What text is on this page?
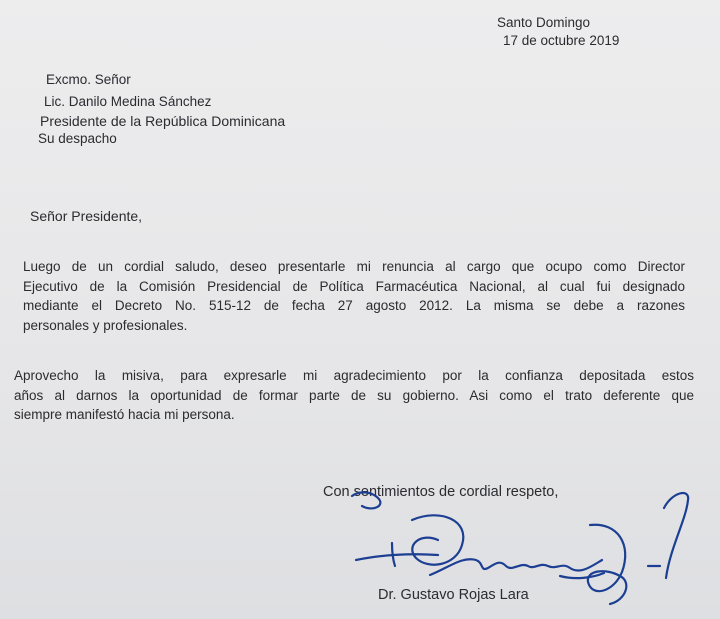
Santo Domingo
17 de octubre 2019
Excmo. Señor
Lic. Danilo Medina Sánchez
Presidente de la República Dominicana
Su despacho
Señor Presidente,
Luego de un cordial saludo, deseo presentarle mi renuncia al cargo que ocupo como Director
Ejecutivo de la Comisión Presidencial de Política Farmacéutica Nacional, al cual fui designado
mediante el Decreto No. 515-12 de fecha 27 agosto 2012. La misma se debe a razones
personales y profesionales.
Aprovecho la misiva, para expresarle mi agradecimiento por la confianza depositada estos
años al darnos la oportunidad de formar parte de su gobierno. Asi como el trato deferente que
siempre manifestó hacia mi persona.
Con sentimientos de cordial respeto,
Dr. Gustavo Rojas Lara
